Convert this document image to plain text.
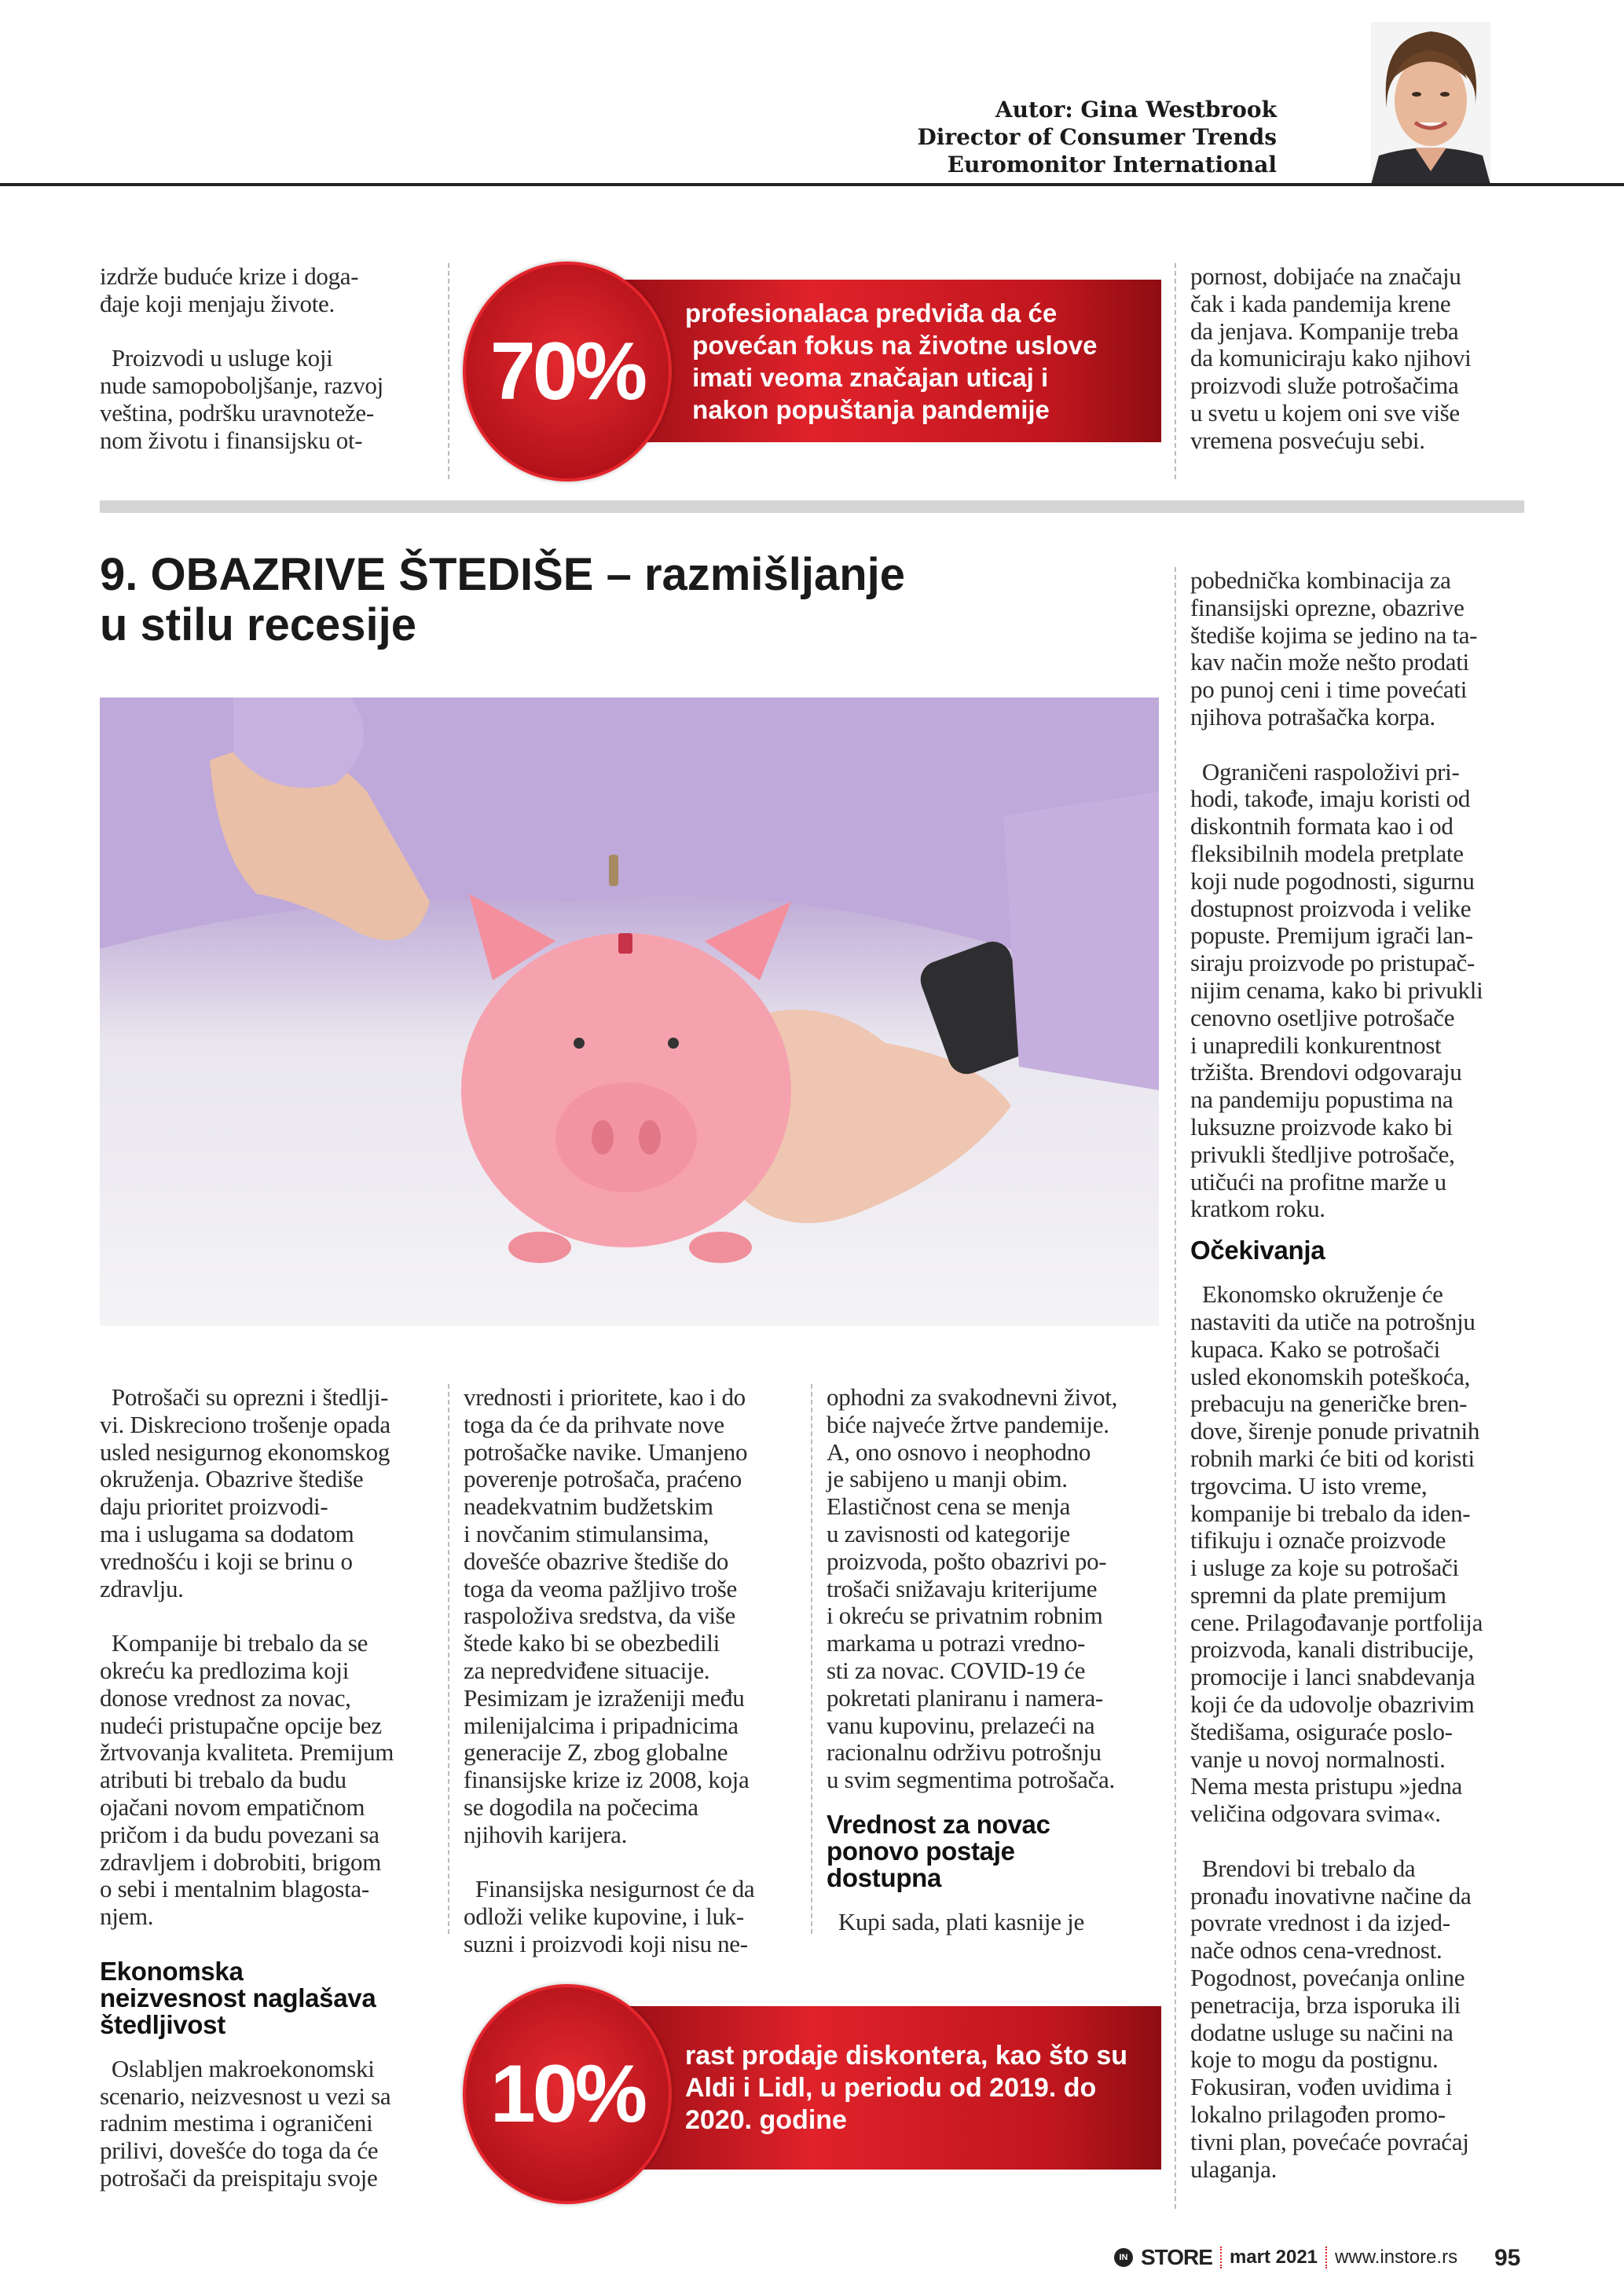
Autor: Gina Westbrook
Director of Consumer Trends
Euromonitor International

izdrže buduće krize i doga-
đaje koji menjaju živote.

Proizvodi u usluge koji
nude samopoboljšanje, razvoj
veština, podršku uravnoteže-
nom životu i finansijsku ot-

profesionalaca predviđa da će
povećan fokus na životne uslove
imati veoma značajan uticaj i
nakon popuštanja pandemije
70%

pornost, dobijaće na značaju
čak i kada pandemija krene
da jenjava. Kompanije treba
da komuniciraju kako njihovi
proizvodi služe potrošačima
u svetu u kojem oni sve više
vremena posvećuju sebi.

9. OBAZRIVE ŠTEDIŠE – razmišljanje
u stilu recesije

Potrošači su oprezni i štedlji-
vi. Diskreciono trošenje opada
usled nesigurnog ekonomskog
okruženja. Obazrive štediše
daju prioritet proizvodi-
ma i uslugama sa dodatom
vrednošću i koji se brinu o
zdravlju.

Kompanije bi trebalo da se
okreću ka predlozima koji
donose vrednost za novac,
nudeći pristupačne opcije bez
žrtvovanja kvaliteta. Premijum
atributi bi trebalo da budu
ojačani novom empatičnom
pričom i da budu povezani sa
zdravljem i dobrobiti, brigom
o sebi i mentalnim blagosta-
njem.

Ekonomska
neizvesnost naglašava
štedljivost

Oslabljen makroekonomski
scenario, neizvesnost u vezi sa
radnim mestima i ograničeni
prilivi, dovešće do toga da će
potrošači da preispitaju svoje

vrednosti i prioritete, kao i do
toga da će da prihvate nove
potrošačke navike. Umanjeno
poverenje potrošača, praćeno
neadekvatnim budžetskim
i novčanim stimulansima,
dovešće obazrive štediše do
toga da veoma pažljivo troše
raspoloživa sredstva, da više
štede kako bi se obezbedili
za nepredviđene situacije.
Pesimizam je izraženiji među
milenijalcima i pripadnicima
generacije Z, zbog globalne
finansijske krize iz 2008, koja
se dogodila na počecima
njihovih karijera.

Finansijska nesigurnost će da
odloži velike kupovine, i luk-
suzni i proizvodi koji nisu ne-

ophodni za svakodnevni život,
biće najveće žrtve pandemije.
A, ono osnovo i neophodno
je sabijeno u manji obim.
Elastičnost cena se menja
u zavisnosti od kategorije
proizvoda, pošto obazrivi po-
trošači snižavaju kriterijume
i okreću se privatnim robnim
markama u potrazi vredno-
sti za novac. COVID-19 će
pokretati planiranu i namera-
vanu kupovinu, prelazeći na
racionalnu održivu potrošnju
u svim segmentima potrošača.

Vrednost za novac
ponovo postaje
dostupna

Kupi sada, plati kasnije je

pobednička kombinacija za
finansijski oprezne, obazrive
štediše kojima se jedino na ta-
kav način može nešto prodati
po punoj ceni i time povećati
njihova potrašačka korpa.

Ograničeni raspoloživi pri-
hodi, takođe, imaju koristi od
diskontnih formata kao i od
fleksibilnih modela pretplate
koji nude pogodnosti, sigurnu
dostupnost proizvoda i velike
popuste. Premijum igrači lan-
siraju proizvode po pristupač-
nijim cenama, kako bi privukli
cenovno osetljive potrošače
i unapredili konkurentnost
tržišta. Brendovi odgovaraju
na pandemiju popustima na
luksuzne proizvode kako bi
privukli štedljive potrošače,
utičući na profitne marže u
kratkom roku.

Očekivanja

Ekonomsko okruženje će
nastaviti da utiče na potrošnju
kupaca. Kako se potrošači
usled ekonomskih poteškoća,
prebacuju na generičke bren-
dove, širenje ponude privatnih
robnih marki će biti od koristi
trgovcima. U isto vreme,
kompanije bi trebalo da iden-
tifikuju i označe proizvode
i usluge za koje su potrošači
spremni da plate premijum
cene. Prilagođavanje portfolija
proizvoda, kanali distribucije,
promocije i lanci snabdevanja
koji će da udovolje obazrivim
štedišama, osiguraće poslo-
vanje u novoj normalnosti.
Nema mesta pristupu »jedna
veličina odgovara svima«.

Brendovi bi trebalo da
pronađu inovativne načine da
povrate vrednost i da izjed-
nače odnos cena-vrednost.
Pogodnost, povećanja online
penetracija, brza isporuka ili
dodatne usluge su načini na
koje to mogu da postignu.
Fokusiran, vođen uvidima i
lokalno prilagođen promo-
tivni plan, povećaće povraćaj
ulaganja.

rast prodaje diskontera, kao što su
Aldi i Lidl, u periodu od 2019. do
2020. godine
10%
IN STORE mart 2021 www.instore.rs 95
